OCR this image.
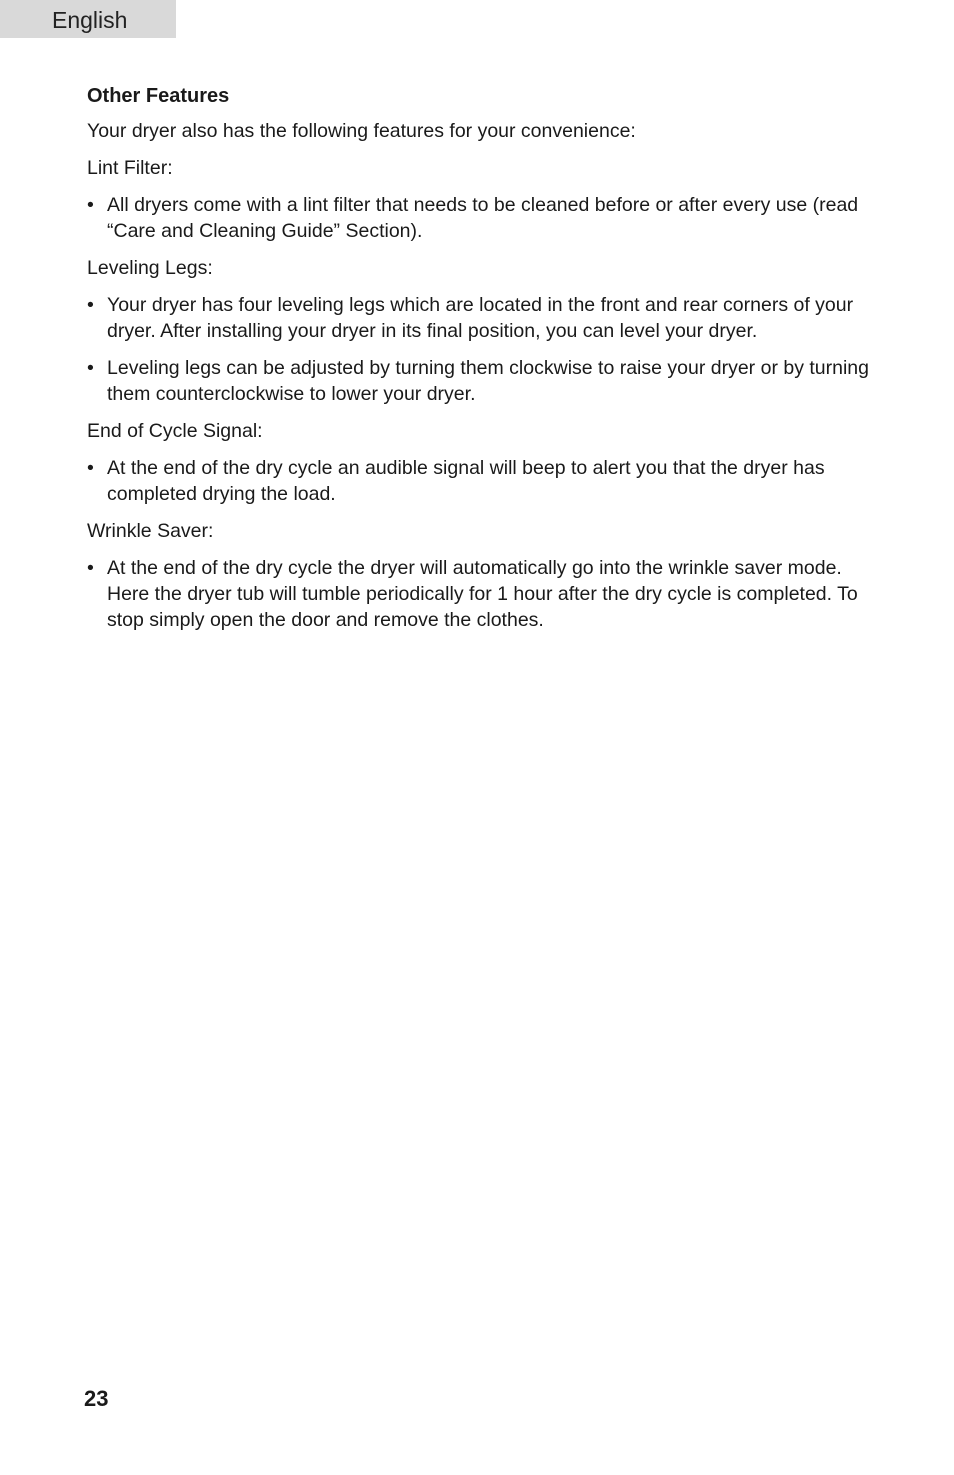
English
Other Features

Your dryer also has the following features for your convenience:

Lint Filter:

• All dryers come with a lint filter that needs to be cleaned before or after every use (read “Care and Cleaning Guide” Section).

Leveling Legs:

• Your dryer has four leveling legs which are located in the front and rear corners of your dryer. After installing your dryer in its final position, you can level your dryer.
• Leveling legs can be adjusted by turning them clockwise to raise your dryer or by turning them counterclockwise to lower your dryer.

End of Cycle Signal:

• At the end of the dry cycle an audible signal will beep to alert you that the dryer has completed drying the load.

Wrinkle Saver:

• At the end of the dry cycle the dryer will automatically go into the wrinkle saver mode. Here the dryer tub will tumble periodically for 1 hour after the dry cycle is completed. To stop simply open the door and remove the clothes.
23
